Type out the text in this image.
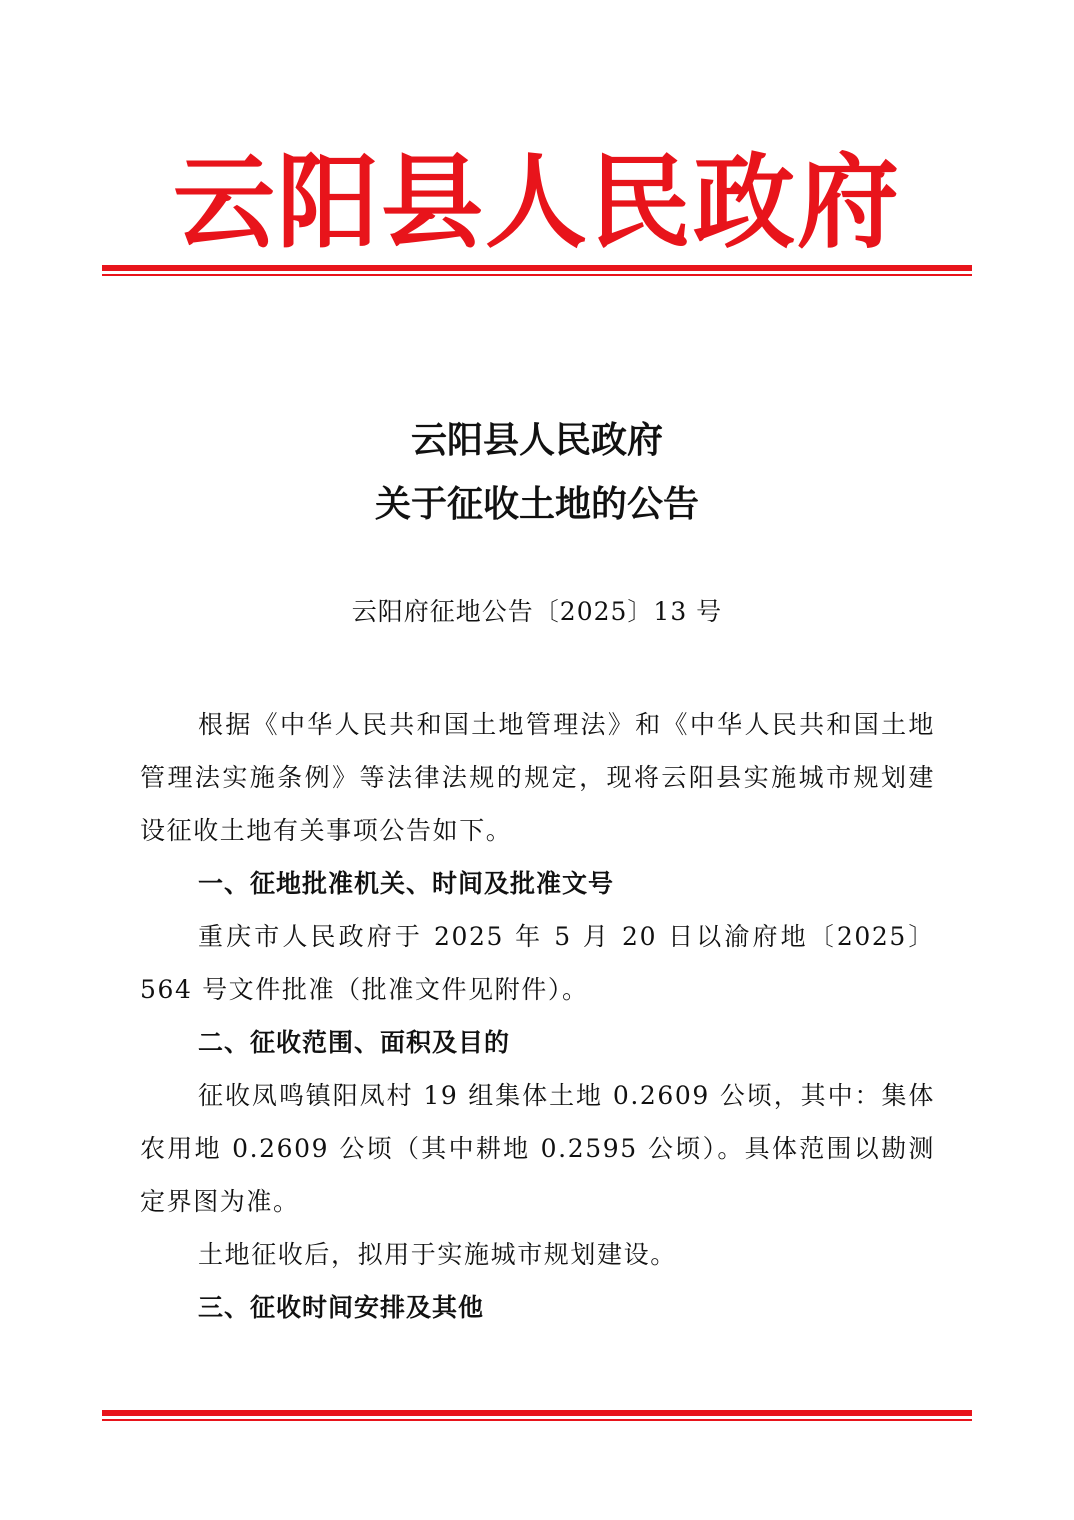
云阳县人民政府
云阳县人民政府
关于征收土地的公告
云阳府征地公告〔2025〕13 号

根据《中华人民共和国土地管理法》和《中华人民共和国土地管理法实施条例》等法律法规的规定，现将云阳县实施城市规划建设征收土地有关事项公告如下。

一、征地批准机关、时间及批准文号

重庆市人民政府于 2025 年 5 月 20 日以渝府地〔2025〕564 号文件批准（批准文件见附件）。

二、征收范围、面积及目的

征收凤鸣镇阳凤村 19 组集体土地 0.2609 公顷，其中：集体农用地 0.2609 公顷（其中耕地 0.2595 公顷）。具体范围以勘测定界图为准。

土地征收后，拟用于实施城市规划建设。

三、征收时间安排及其他
